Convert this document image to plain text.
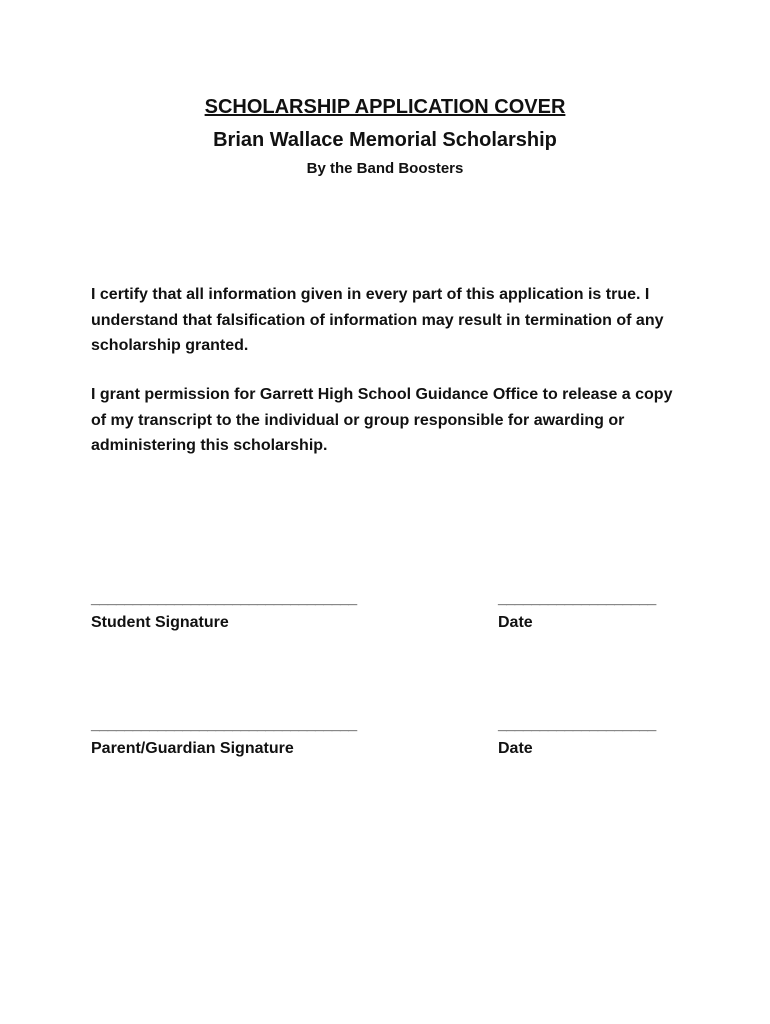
SCHOLARSHIP APPLICATION COVER
Brian Wallace Memorial Scholarship
By the Band Boosters
I certify that all information given in every part of this application is true. I understand that falsification of information may result in termination of any scholarship granted.
I grant permission for Garrett High School Guidance Office to release a copy of my transcript to the individual or group responsible for awarding or administering this scholarship.
________________________________	___________________
Student Signature	Date
________________________________	___________________
Parent/Guardian Signature	Date
